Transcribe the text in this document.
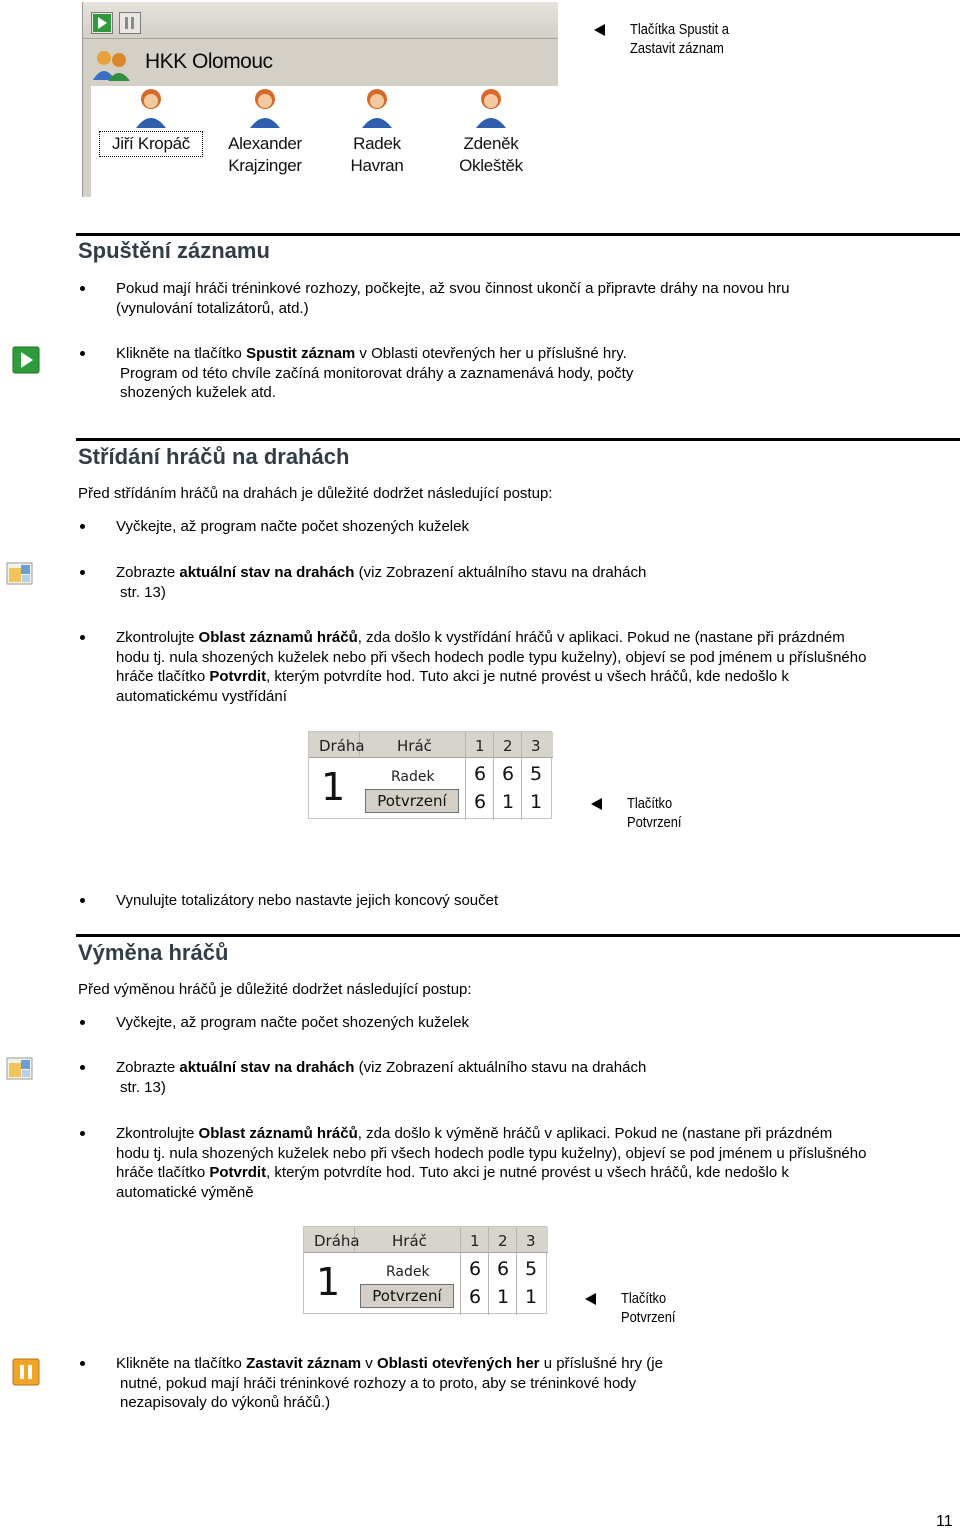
HKK Olomouc
Jiří Kropáč	Alexander
Krajzinger
Radek
Havran
Zdeněk
Okleštěk
Tlačítka Spustit a
Zastavit záznam
Spuštění záznamu
Pokud mají hráči tréninkové rozhozy, počkejte, až svou činnost ukončí a připravte dráhy na novou hru
(vynulování totalizátorů, atd.)
Klikněte na tlačítko Spustit záznam v Oblasti otevřených her u příslušné hry.
Program od této chvíle začíná monitorovat dráhy a zaznamenává hody, počty
shozených kuželek atd.
Střídání hráčů na drahách
Před střídáním hráčů na drahách je důležité dodržet následující postup:
Vyčkejte, až program načte počet shozených kuželek
Zobrazte aktuální stav na drahách (viz Zobrazení aktuálního stavu na drahách
str. 13)
Zkontrolujte Oblast záznamů hráčů, zda došlo k vystřídání hráčů v aplikaci. Pokud ne (nastane při prázdném
hodu tj. nula shozených kuželek nebo při všech hodech podle typu kuželny), objeví se pod jménem u příslušného
hráče tlačítko Potvrdit, kterým potvrdíte hod. Tuto akci je nutné provést u všech hráčů, kde nedošlo k
automatickému vystřídání
Dráha Hráč	1 2 3
1	Radek
Potvrzení
6 6 5
6 1 1	Tlačítko
Potvrzení
Vynulujte totalizátory nebo nastavte jejich koncový součet
Výměna hráčů
Před výměnou hráčů je důležité dodržet následující postup:
Vyčkejte, až program načte počet shozených kuželek
Zobrazte aktuální stav na drahách (viz Zobrazení aktuálního stavu na drahách
str. 13)
Zkontrolujte Oblast záznamů hráčů, zda došlo k výměně hráčů v aplikaci. Pokud ne (nastane při prázdném
hodu tj. nula shozených kuželek nebo při všech hodech podle typu kuželny), objeví se pod jménem u příslušného
hráče tlačítko Potvrdit, kterým potvrdíte hod. Tuto akci je nutné provést u všech hráčů, kde nedošlo k
automatické výměně
Dráha Hráč	1 2 3
1	Radek
Potvrzení
6 6 5
6 1 1	Tlačítko
Potvrzení
Klikněte na tlačítko Zastavit záznam v Oblasti otevřených her u příslušné hry (je
nutné, pokud mají hráči tréninkové rozhozy a to proto, aby se tréninkové hody
nezapisovaly do výkonů hráčů.)
11
